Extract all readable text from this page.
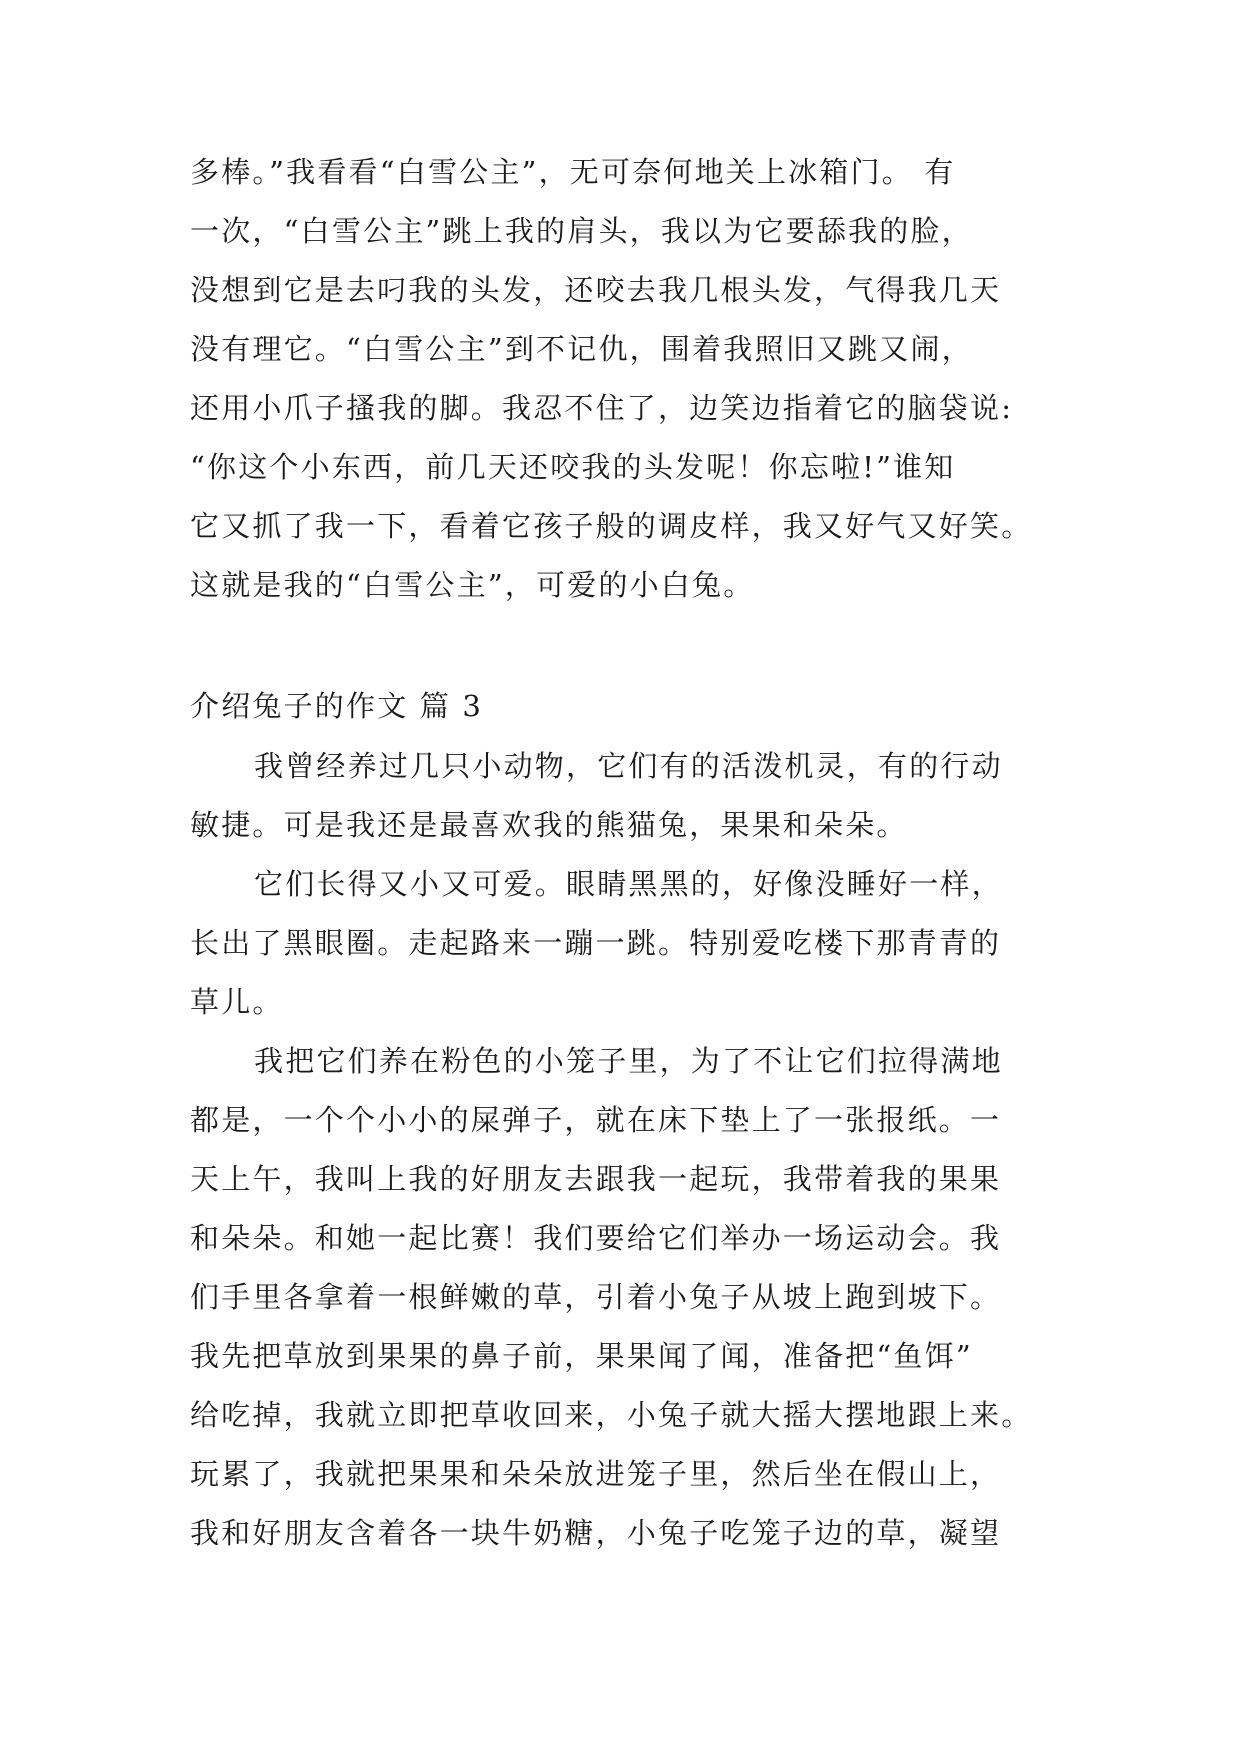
多棒。”我看看“白雪公主”，无可奈何地关上冰箱门。 有
一次，“白雪公主”跳上我的肩头，我以为它要舔我的脸，
没想到它是去叼我的头发，还咬去我几根头发，气得我几天
没有理它。“白雪公主”到不记仇，围着我照旧又跳又闹，
还用小爪子搔我的脚。我忍不住了，边笑边指着它的脑袋说:
“你这个小东西，前几天还咬我的头发呢！你忘啦!”谁知
它又抓了我一下，看着它孩子般的调皮样，我又好气又好笑。
这就是我的“白雪公主”，可爱的小白兔。
介绍兔子的作文 篇 3
我曾经养过几只小动物，它们有的活泼机灵，有的行动
敏捷。可是我还是最喜欢我的熊猫兔，果果和朵朵。
它们长得又小又可爱。眼睛黑黑的，好像没睡好一样，
长出了黑眼圈。走起路来一蹦一跳。特别爱吃楼下那青青的
草儿。
我把它们养在粉色的小笼子里，为了不让它们拉得满地
都是，一个个小小的屎弹子，就在床下垫上了一张报纸。一
天上午，我叫上我的好朋友去跟我一起玩，我带着我的果果
和朵朵。和她一起比赛！我们要给它们举办一场运动会。我
们手里各拿着一根鲜嫩的草，引着小兔子从坡上跑到坡下。
我先把草放到果果的鼻子前，果果闻了闻，准备把“鱼饵”
给吃掉，我就立即把草收回来，小兔子就大摇大摆地跟上来。
玩累了，我就把果果和朵朵放进笼子里，然后坐在假山上，
我和好朋友含着各一块牛奶糖，小兔子吃笼子边的草，凝望
